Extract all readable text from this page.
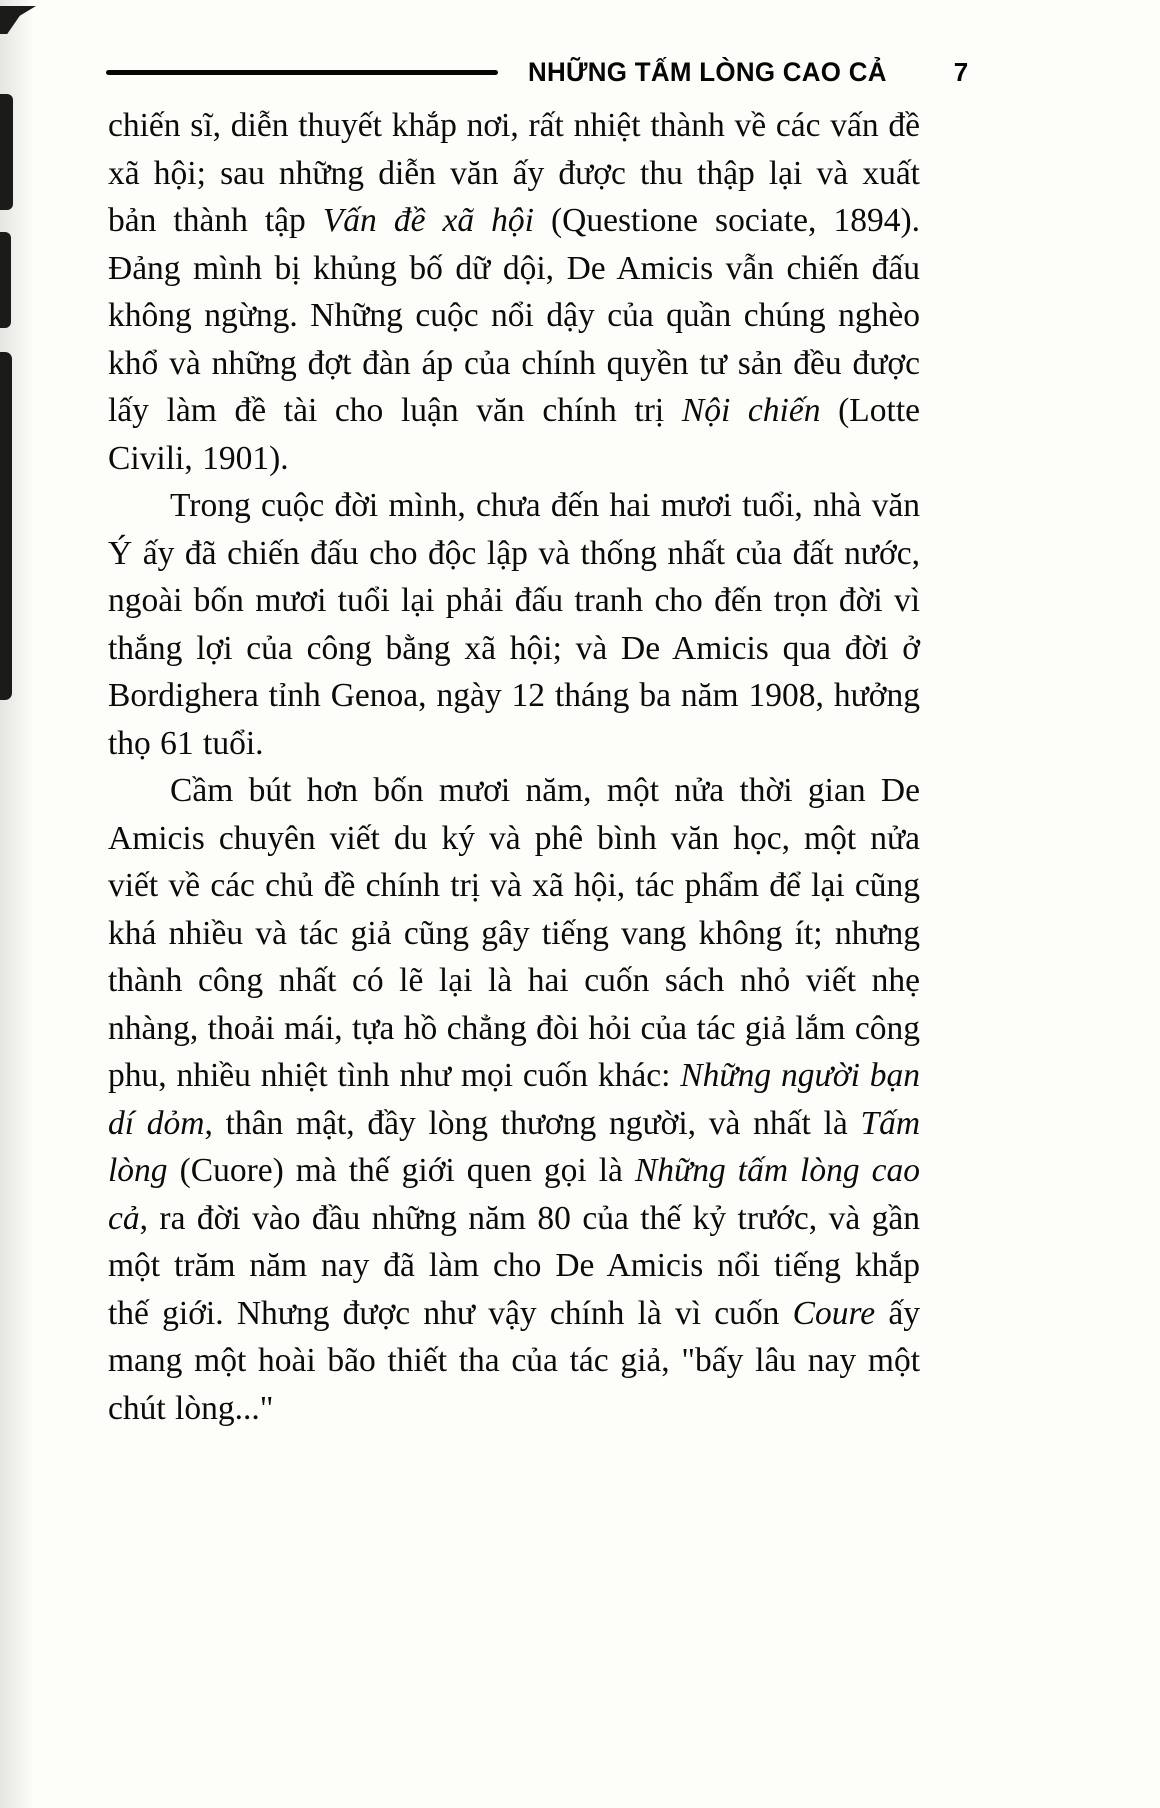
NHỮNG TẤM LÒNG CAO CẢ	7

chiến sĩ, diễn thuyết khắp nơi, rất nhiệt thành về các vấn đề xã hội; sau những diễn văn ấy được thu thập lại và xuất bản thành tập Vấn đề xã hội (Questione sociate, 1894). Đảng mình bị khủng bố dữ dội, De Amicis vẫn chiến đấu không ngừng. Những cuộc nổi dậy của quần chúng nghèo khổ và những đợt đàn áp của chính quyền tư sản đều được lấy làm đề tài cho luận văn chính trị Nội chiến (Lotte Civili, 1901).

Trong cuộc đời mình, chưa đến hai mươi tuổi, nhà văn Ý ấy đã chiến đấu cho độc lập và thống nhất của đất nước, ngoài bốn mươi tuổi lại phải đấu tranh cho đến trọn đời vì thắng lợi của công bằng xã hội; và De Amicis qua đời ở Bordighera tỉnh Genoa, ngày 12 tháng ba năm 1908, hưởng thọ 61 tuổi.

Cầm bút hơn bốn mươi năm, một nửa thời gian De Amicis chuyên viết du ký và phê bình văn học, một nửa viết về các chủ đề chính trị và xã hội, tác phẩm để lại cũng khá nhiều và tác giả cũng gây tiếng vang không ít; nhưng thành công nhất có lẽ lại là hai cuốn sách nhỏ viết nhẹ nhàng, thoải mái, tựa hồ chẳng đòi hỏi của tác giả lắm công phu, nhiều nhiệt tình như mọi cuốn khác: Những người bạn dí dỏm, thân mật, đầy lòng thương người, và nhất là Tấm lòng (Cuore) mà thế giới quen gọi là Những tấm lòng cao cả, ra đời vào đầu những năm 80 của thế kỷ trước, và gần một trăm năm nay đã làm cho De Amicis nổi tiếng khắp thế giới. Nhưng được như vậy chính là vì cuốn Coure ấy mang một hoài bão thiết tha của tác giả, "bấy lâu nay một chút lòng..."
